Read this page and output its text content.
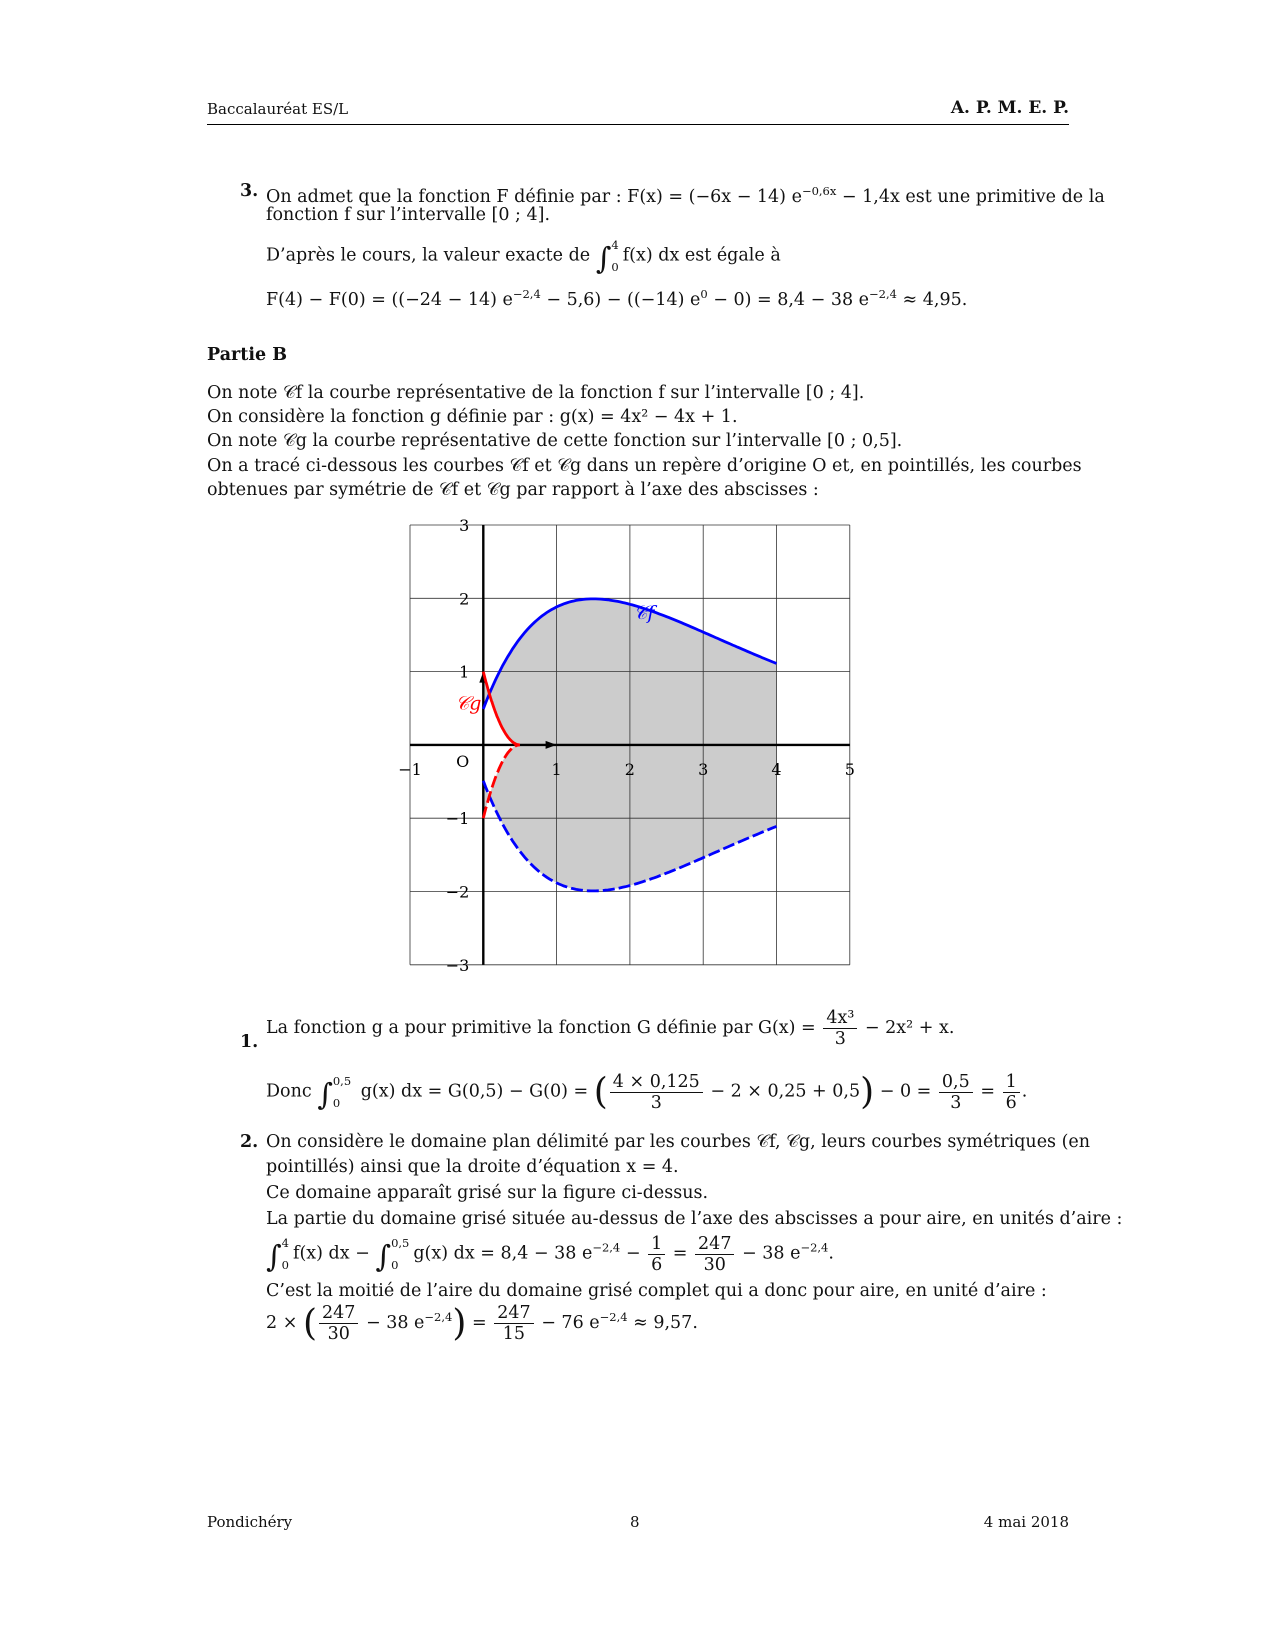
Baccalauréat ES/L	A. P. M. E. P.
3. On admet que la fonction F définie par : F(x) = (−6x − 14) $e^{-0,6x} - 1,4x$ est une primitive de la
fonction f sur l’intervalle [0 ; 4].
D’après le cours, la valeur exacte de ∫ 4
0
f(x) dx est égale à
F(4) − F(0) = ((−24 − 14) $e^{-2,4} - 5,6) - ((-14) e^0 - 0) = 8,4 - 38$ $e^{-2,4} \approx 4,95$.
Partie B
On note 𝒞f la courbe représentative de la fonction f sur l’intervalle [0 ; 4].
On considère la fonction g définie par : g(x) = 4x² − 4x + 1.
On note 𝒞g la courbe représentative de cette fonction sur l’intervalle [0 ; 0,5].
On a tracé ci-dessous les courbes 𝒞f et 𝒞g dans un repère d’origine O et, en pointillés, les courbes
obtenues par symétrie de 𝒞f et 𝒞g par rapport à l’axe des abscisses :
−1	1	2	3	4	5
3
2
1
−1
−2
−3
O
𝒞f
𝒞g
1.
La fonction g a pour primitive la fonction G définie par $G(x) = \frac{\text{4x³}}{3} - 2x^2 + x$.
Donc ∫ 0,5
0
g(x) dx = G(0,5) − G(0) = ( $\frac{4 \times 0,125}{3} - 2 \times 0,25 + 0,5) - 0 = \frac{0,5}{3} = \frac{1}{6}$ .
2. On considère le domaine plan délimité par les courbes 𝒞f, 𝒞g, leurs courbes symétriques (en
pointillés) ainsi que la droite d’équation x = 4.
Ce domaine apparaît grisé sur la figure ci-dessus.
La partie du domaine grisé située au-dessus de l’axe des abscisses a pour aire, en unités d’aire :
∫ 4
0
f(x) dx − ∫ 0,5
0
g(x) dx = 8,4 − 38 $e^{-2,4} - \frac{1}{6} = \frac{247}{30} - 38$ $e^{-2,4}$.
C’est la moitié de l’aire du domaine grisé complet qui a donc pour aire, en unité d’aire :
2 × ( $\frac{247}{30} - 38$ $e^{-2,4}) = \frac{247}{15} - 76$ $e^{-2,4} \approx 9,57$.
Pondichéry	8	4 mai 2018
